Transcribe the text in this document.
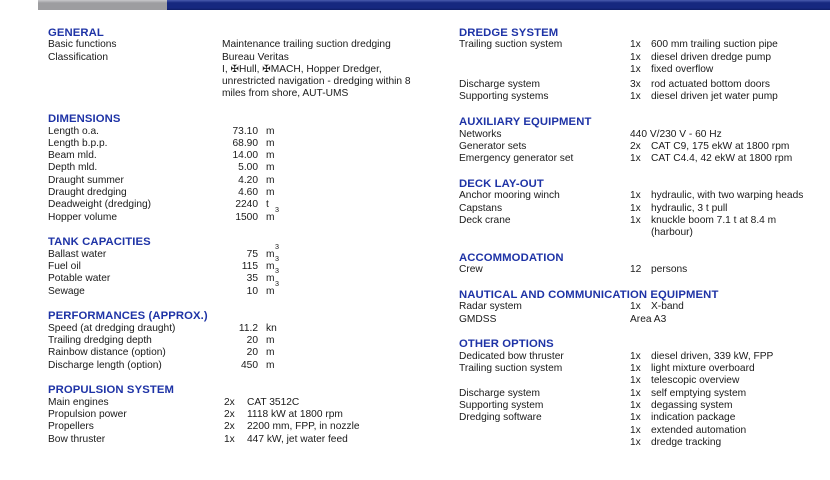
GENERAL
Basic functions	Maintenance trailing suction dredging
Classification	Bureau Veritas
I, ✠Hull, ✠MACH, Hopper Dredger,
unrestricted navigation - dredging within 8
miles from shore, AUT-UMS
DIMENSIONS
Length o.a.	73.10 m
Length b.p.p.	68.90 m
Beam mld.	14.00 m
Depth mld.	5.00 m
Draught summer	4.20 m
Draught dredging	4.60 m
Deadweight (dredging)	2240 t
Hopper volume	1500 $m^3$
TANK CAPACITIES
Ballast water	75 $m^3$
Fuel oil	115 $m^3$
Potable water	35 $m^3$
Sewage	10 $m^3$
PERFORMANCES (APPROX.)
Speed (at dredging draught)	11.2 kn
Trailing dredging depth	20 m
Rainbow distance (option)	20 m
Discharge length (option)	450 m
PROPULSION SYSTEM
Main engines	2x	CAT 3512C
Propulsion power	2x	1118 kW at 1800 rpm
Propellers	2x	2200 mm, FPP, in nozzle
Bow thruster	1x	447 kW, jet water feed
DREDGE SYSTEM
Trailing suction system	1x	600 mm trailing suction pipe
1x	diesel driven dredge pump
1x	fixed overflow
Discharge system	3x	rod actuated bottom doors
Supporting systems	1x	diesel driven jet water pump
AUXILIARY EQUIPMENT
Networks	440 V/230 V - 60 Hz
Generator sets	2x	CAT C9, 175 ekW at 1800 rpm
Emergency generator set	1x	CAT C4.4, 42 ekW at 1800 rpm
DECK LAY-OUT
Anchor mooring winch	1x	hydraulic, with two warping heads
Capstans	1x	hydraulic, 3 t pull
Deck crane	1x	knuckle boom 7.1 t at 8.4 m
(harbour)
ACCOMMODATION
Crew	12 persons
NAUTICAL AND COMMUNICATION EQUIPMENT
Radar system	1x	X-band
GMDSS	Area A3
OTHER OPTIONS
Dedicated bow thruster	1x	diesel driven, 339 kW, FPP
Trailing suction system	1x	light mixture overboard
1x	telescopic overview
Discharge system	1x	self emptying system
Supporting system	1x	degassing system
Dredging software	1x	indication package
1x	extended automation
1x	dredge tracking
